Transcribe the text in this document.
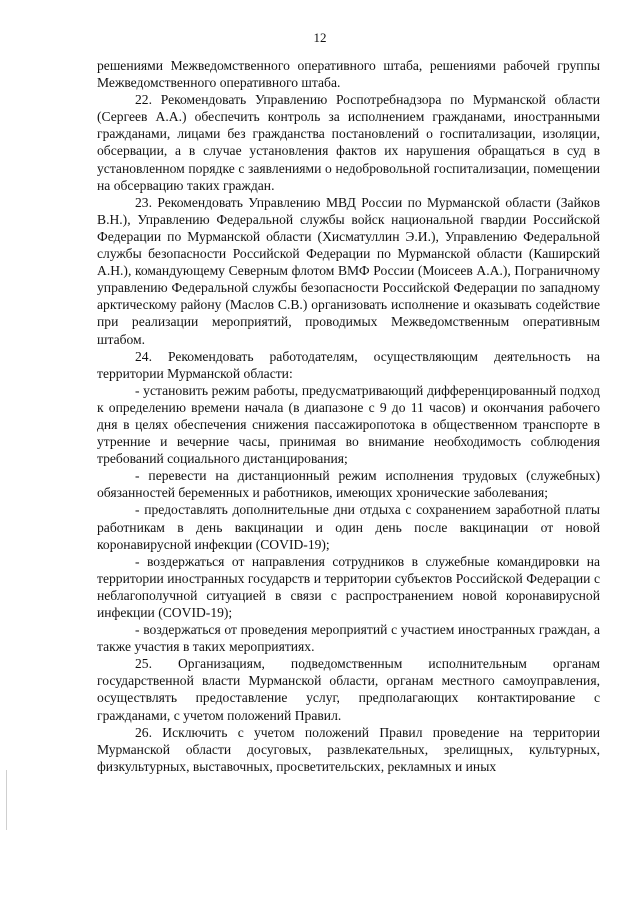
12

решениями Межведомственного оперативного штаба, решениями рабочей группы Межведомственного оперативного штаба.

22. Рекомендовать Управлению Роспотребнадзора по Мурманской области (Сергеев А.А.) обеспечить контроль за исполнением гражданами, иностранными гражданами, лицами без гражданства постановлений о госпитализации, изоляции, обсервации, а в случае установления фактов их нарушения обращаться в суд в установленном порядке с заявлениями о недобровольной госпитализации, помещении на обсервацию таких граждан.

23. Рекомендовать Управлению МВД России по Мурманской области (Зайков В.Н.), Управлению Федеральной службы войск национальной гвардии Российской Федерации по Мурманской области (Хисматуллин Э.И.), Управлению Федеральной службы безопасности Российской Федерации по Мурманской области (Каширский А.Н.), командующему Северным флотом ВМФ России (Моисеев А.А.), Пограничному управлению Федеральной службы безопасности Российской Федерации по западному арктическому району (Маслов С.В.) организовать исполнение и оказывать содействие при реализации мероприятий, проводимых Межведомственным оперативным штабом.

24. Рекомендовать работодателям, осуществляющим деятельность на территории Мурманской области:

- установить режим работы, предусматривающий дифференцированный подход к определению времени начала (в диапазоне с 9 до 11 часов) и окончания рабочего дня в целях обеспечения снижения пассажиропотока в общественном транспорте в утренние и вечерние часы, принимая во внимание необходимость соблюдения требований социального дистанцирования;

- перевести на дистанционный режим исполнения трудовых (служебных) обязанностей беременных и работников, имеющих хронические заболевания;

- предоставлять дополнительные дни отдыха с сохранением заработной платы работникам в день вакцинации и один день после вакцинации от новой коронавирусной инфекции (COVID-19);

- воздержаться от направления сотрудников в служебные командировки на территории иностранных государств и территории субъектов Российской Федерации с неблагополучной ситуацией в связи с распространением новой коронавирусной инфекции (COVID-19);

- воздержаться от проведения мероприятий с участием иностранных граждан, а также участия в таких мероприятиях.

25. Организациям, подведомственным исполнительным органам государственной власти Мурманской области, органам местного самоуправления, осуществлять предоставление услуг, предполагающих контактирование с гражданами, с учетом положений Правил.

26. Исключить с учетом положений Правил проведение на территории Мурманской области досуговых, развлекательных, зрелищных, культурных, физкультурных, выставочных, просветительских, рекламных и иных
